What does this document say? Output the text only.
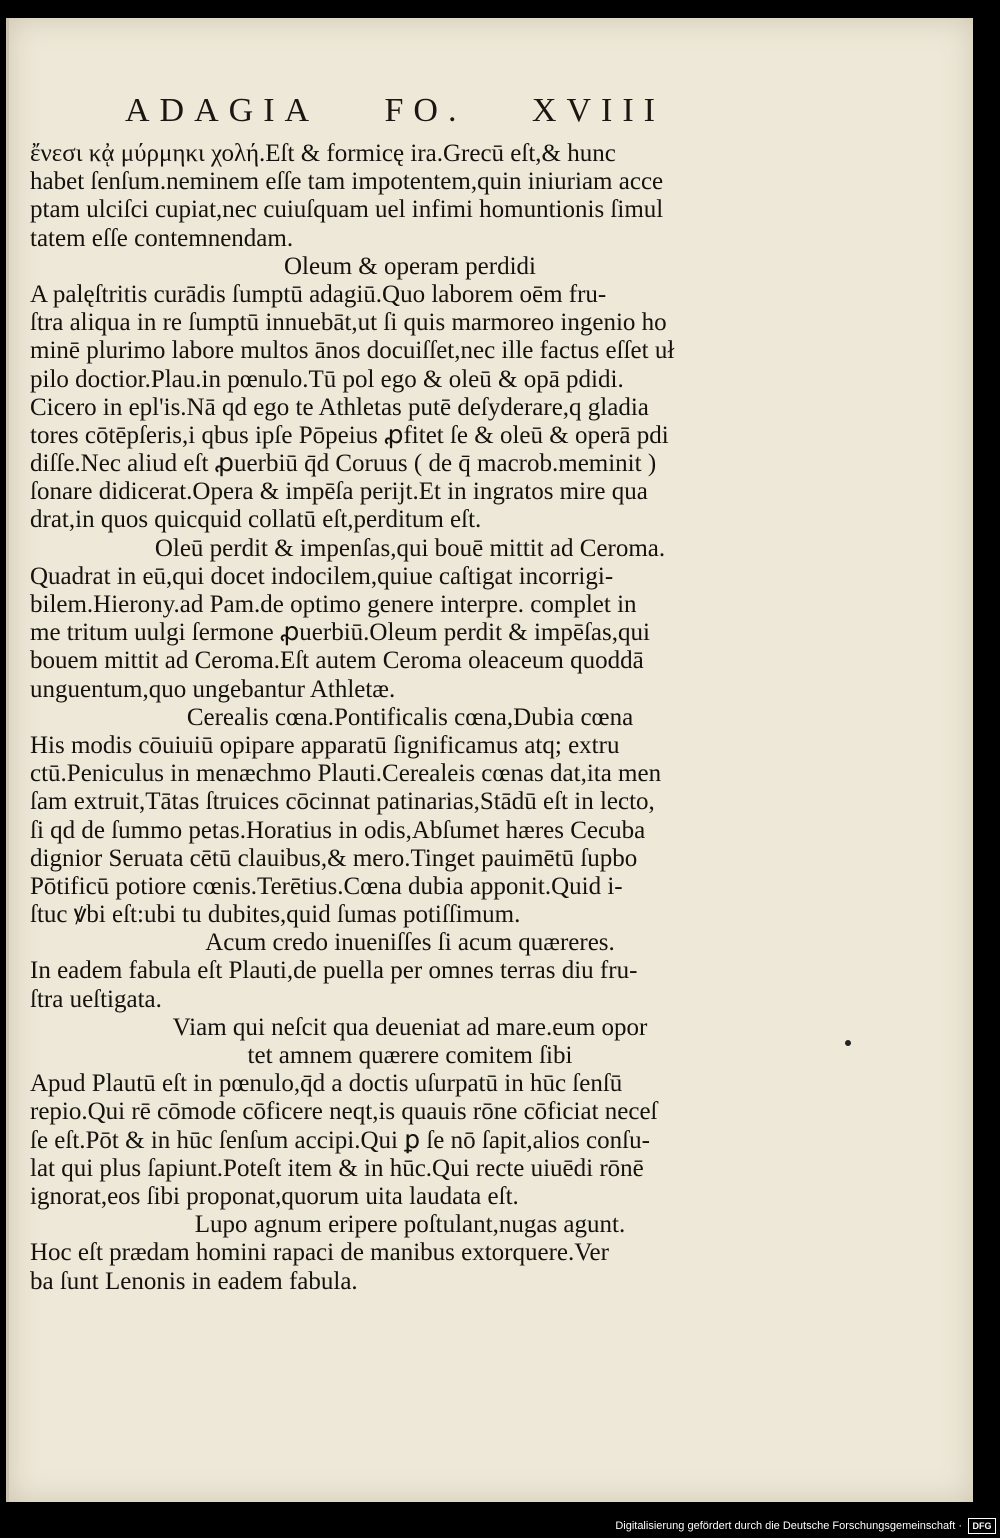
ADAGIA FO. XVIII
ἔνεσι κᾀ μύρμηκι χολή.Eſt & formicę ira.Grecū eſt,& hunc
habet ſenſum.neminem eſſe tam impotentem,quin iniuriam acce
ptam ulciſci cupiat,nec cuiuſquam uel infimi homuntionis ſimul
tatem eſſe contemnendam.
Oleum & operam perdidi
A palęſtritis curādis ſumptū adagiū.Quo laborem oēm fru-
ſtra aliqua in re ſumptū innuebāt,ut ſi quis marmoreo ingenio ho
minē plurimo labore multos ānos docuiſſet,nec ille factus eſſet uł
pilo doctior.Plau.in pœnulo.Tū pol ego & oleū & opā pdidi.
Cicero in epl'is.Nā qd ego te Athletas putē deſyderare,q gladia
tores cōtēpſeris,i qbus ipſe Pōpeius ꝓfitet ſe & oleū & operā pdi
diſſe.Nec aliud eſt ꝓuerbiū q̄d Coruus ( de q̄ macrob.meminit )
ſonare didicerat.Opera & impēſa perijt.Et in ingratos mire qua
drat,in quos quicquid collatū eſt,perditum eſt.
Oleū perdit & impenſas,qui bouē mittit ad Ceroma.
Quadrat in eū,qui docet indocilem,quiue caſtigat incorrigi-
bilem.Hierony.ad Pam.de optimo genere interpre. complet in
me tritum uulgi ſermone ꝓuerbiū.Oleum perdit & impēſas,qui
bouem mittit ad Ceroma.Eſt autem Ceroma oleaceum quoddā
unguentum,quo ungebantur Athletæ.
Cerealis cœna.Pontificalis cœna,Dubia cœna
His modis cōuiuiū opipare apparatū ſignificamus atq; extru
ctū.Peniculus in menæchmo Plauti.Cerealeis cœnas dat,ita men
ſam extruit,Tātas ſtruices cōcinnat patinarias,Stādū eſt in lecto,
ſi qd de ſummo petas.Horatius in odis,Abſumet hæres Cecuba
dignior Seruata cētū clauibus,& mero.Tinget pauimētū ſupbo
Pōtificū potiore cœnis.Terētius.Cœna dubia apponit.Quid i-
ſtuc ꝟbi eſt:ubi tu dubites,quid ſumas potiſſimum.
Acum credo inueniſſes ſi acum quæreres.
In eadem fabula eſt Plauti,de puella per omnes terras diu fru-
ſtra ueſtigata.
Viam qui neſcit qua deueniat ad mare.eum opor
tet amnem quærere comitem ſibi
Apud Plautū eſt in pœnulo,q̄d a doctis uſurpatū in hūc ſenſū
repio.Qui rē cōmode cōficere neqt,is quauis rōne cōficiat neceſ
ſe eſt.Pōt & in hūc ſenſum accipi.Qui ꝑ ſe nō ſapit,alios conſu-
lat qui plus ſapiunt.Poteſt item & in hūc.Qui recte uiuēdi rōnē
ignorat,eos ſibi proponat,quorum uita laudata eſt.
Lupo agnum eripere poſtulant,nugas agunt.
Hoc eſt prædam homini rapaci de manibus extorquere.Ver
ba ſunt Lenonis in eadem fabula.
Digitalisierung gefördert durch die Deutsche Forschungsgemeinschaft ·	DFG
